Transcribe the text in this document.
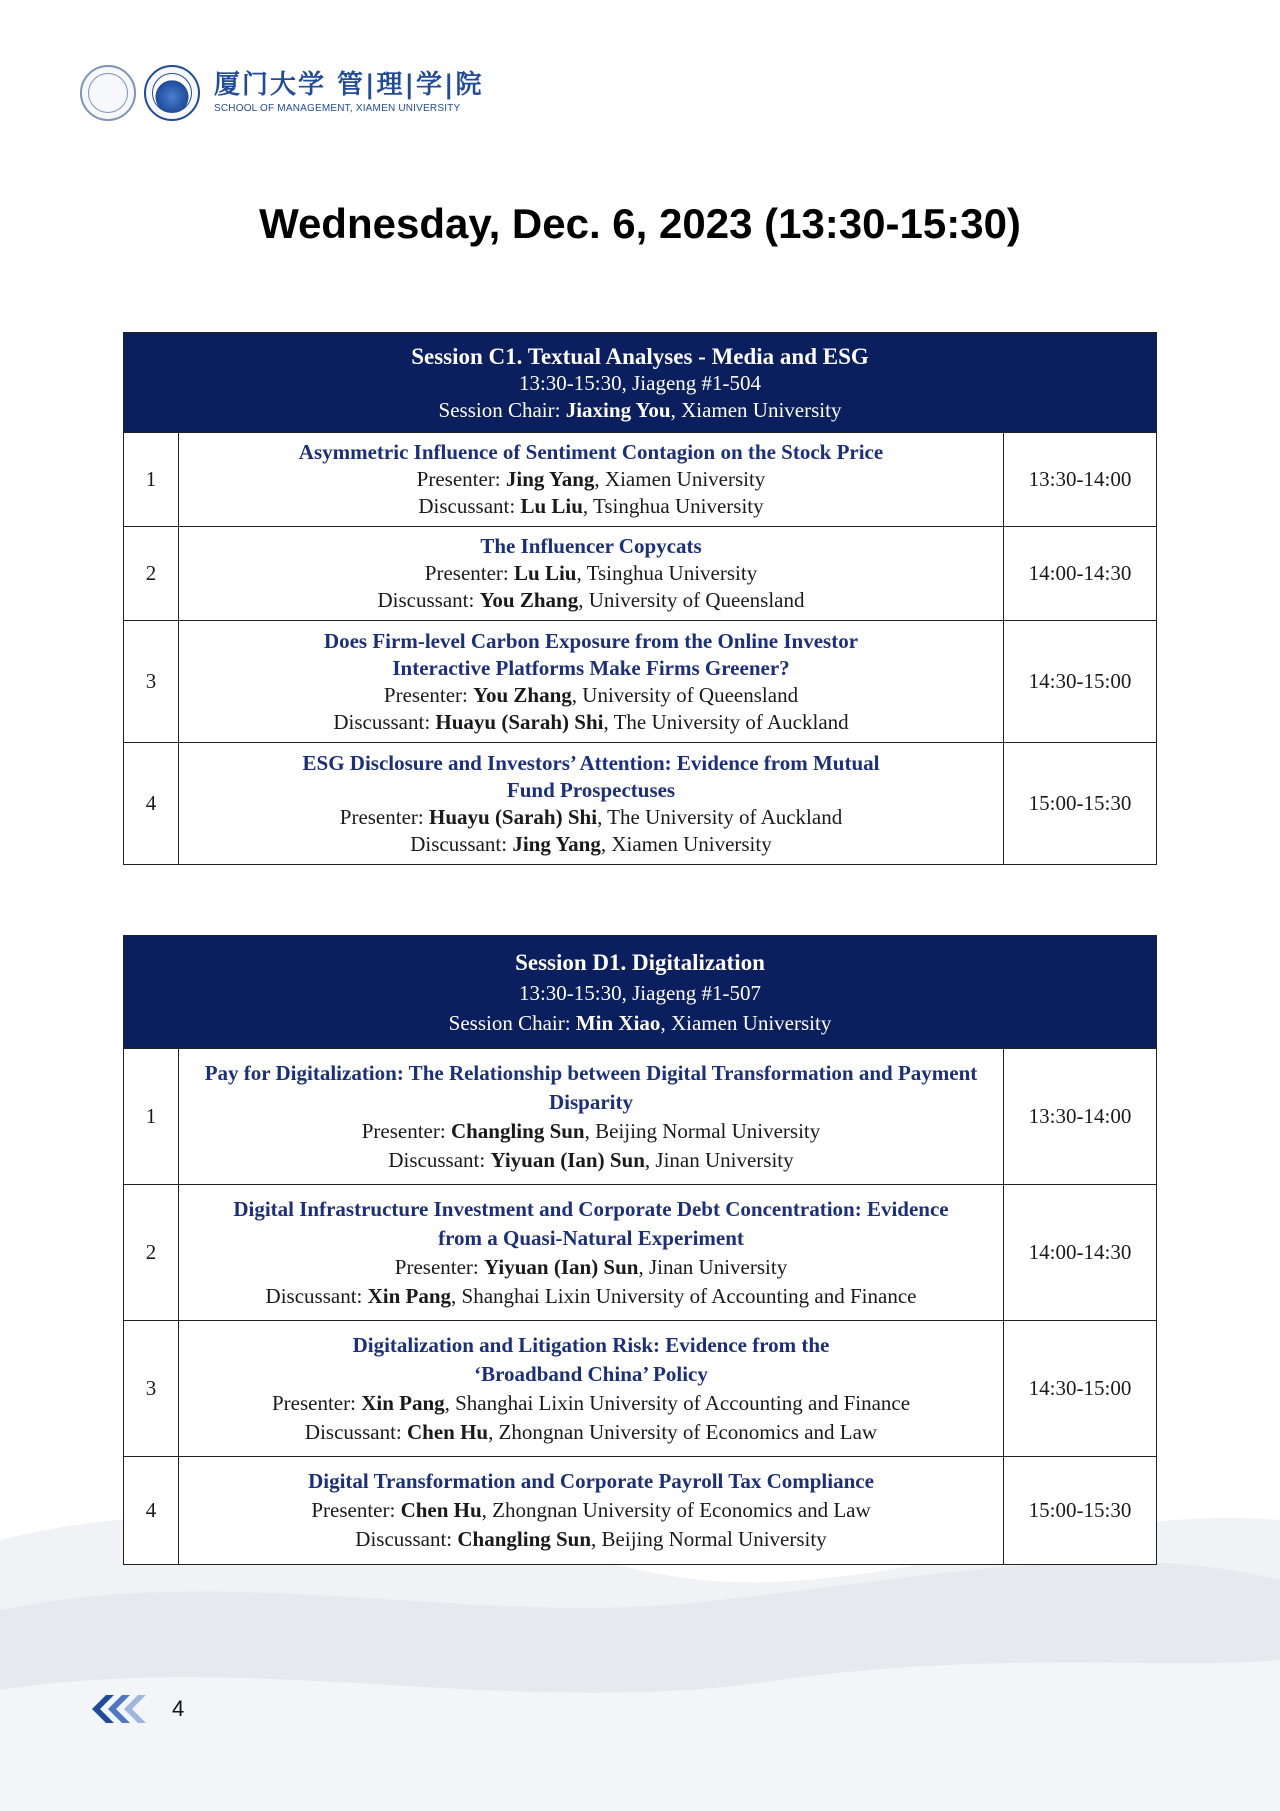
厦门大学 管|理|学|院
SCHOOL OF MANAGEMENT, XIAMEN UNIVERSITY
Wednesday, Dec. 6, 2023 (13:30-15:30)
Session C1. Textual Analyses - Media and ESG
13:30-15:30, Jiageng #1-504
Session Chair: Jiaxing You, Xiamen University		

1	Asymmetric Influence of Sentiment Contagion on the Stock Price
Presenter: Jing Yang, Xiamen University
Discussant: Lu Liu, Tsinghua University	13:30-14:00
2	The Influencer Copycats
Presenter: Lu Liu, Tsinghua University
Discussant: You Zhang, University of Queensland	14:00-14:30
3	Does Firm-level Carbon Exposure from the Online Investor Interactive Platforms Make Firms Greener?
Presenter: You Zhang, University of Queensland
Discussant: Huayu (Sarah) Shi, The University of Auckland	14:30-15:00
4	ESG Disclosure and Investors’ Attention: Evidence from Mutual Fund Prospectuses
Presenter: Huayu (Sarah) Shi, The University of Auckland
Discussant: Jing Yang, Xiamen University	15:00-15:30
Session D1. Digitalization
13:30-15:30, Jiageng #1-507
Session Chair: Min Xiao, Xiamen University		

1	Pay for Digitalization: The Relationship between Digital Transformation and Payment Disparity
Presenter: Changling Sun, Beijing Normal University
Discussant: Yiyuan (Ian) Sun, Jinan University	13:30-14:00
2	Digital Infrastructure Investment and Corporate Debt Concentration: Evidence from a Quasi-Natural Experiment
Presenter: Yiyuan (Ian) Sun, Jinan University
Discussant: Xin Pang, Shanghai Lixin University of Accounting and Finance	14:00-14:30
3	Digitalization and Litigation Risk: Evidence from the ‘Broadband China’ Policy
Presenter: Xin Pang, Shanghai Lixin University of Accounting and Finance
Discussant: Chen Hu, Zhongnan University of Economics and Law	14:30-15:00
4	Digital Transformation and Corporate Payroll Tax Compliance
Presenter: Chen Hu, Zhongnan University of Economics and Law
Discussant: Changling Sun, Beijing Normal University	15:00-15:30
4
